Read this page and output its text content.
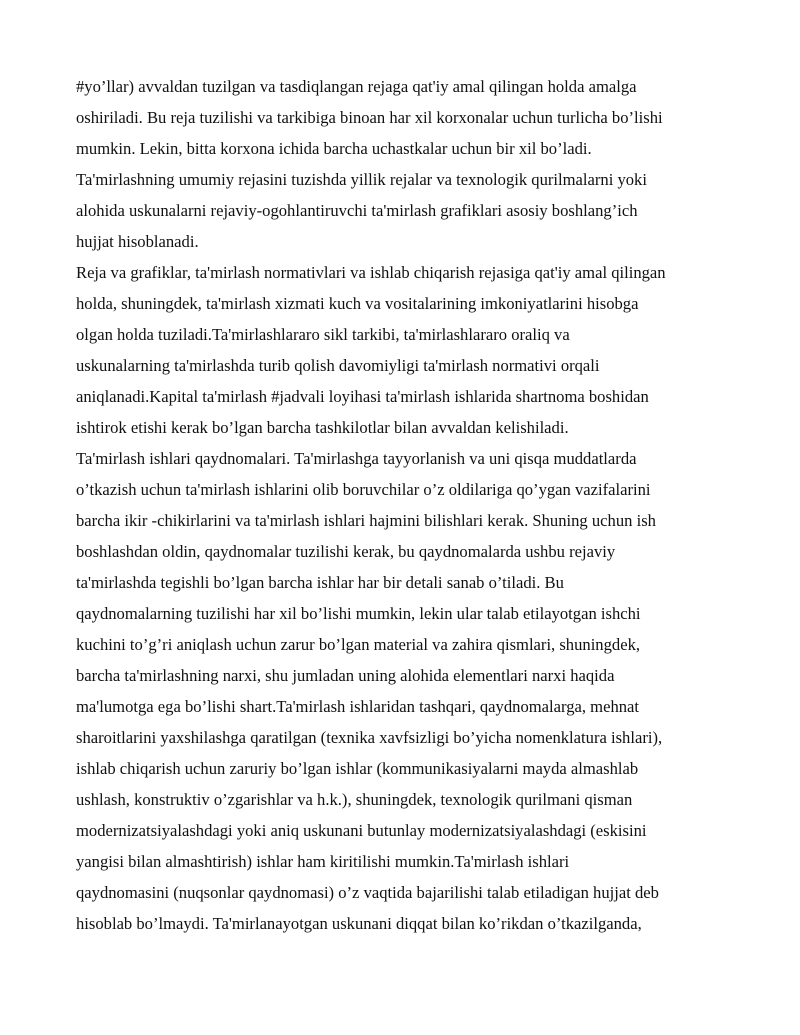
#yo’llar) avvaldan tuzilgan va tasdiqlangan rejaga qat'iy amal qilingan holda amalga
oshiriladi. Bu reja tuzilishi va tarkibiga binoan har xil korxonalar uchun turlicha bo’lishi
mumkin. Lekin, bitta korxona ichida barcha uchastkalar uchun bir xil bo’ladi.
Ta'mirlashning umumiy rejasini tuzishda yillik rejalar va texnologik qurilmalarni yoki
alohida uskunalarni rejaviy-ogohlantiruvchi ta'mirlash grafiklari asosiy boshlang’ich
hujjat hisoblanadi.
Reja va grafiklar, ta'mirlash normativlari va ishlab chiqarish rejasiga qat'iy amal qilingan
holda, shuningdek, ta'mirlash xizmati kuch va vositalarining imkoniyatlarini hisobga
olgan holda tuziladi.Ta'mirlashlararo sikl tarkibi, ta'mirlashlararo oraliq va
uskunalarning ta'mirlashda turib qolish davomiyligi ta'mirlash normativi orqali
aniqlanadi.Kapital ta'mirlash #jadvali loyihasi ta'mirlash ishlarida shartnoma boshidan
ishtirok etishi kerak bo’lgan barcha tashkilotlar bilan avvaldan kelishiladi.
Ta'mirlash ishlari qaydnomalari. Ta'mirlashga tayyorlanish va uni qisqa muddatlarda
o’tkazish uchun ta'mirlash ishlarini olib boruvchilar o’z oldilariga qo’ygan vazifalarini
barcha ikir -chikirlarini va ta'mirlash ishlari hajmini bilishlari kerak. Shuning uchun ish
boshlashdan oldin, qaydnomalar tuzilishi kerak, bu qaydnomalarda ushbu rejaviy
ta'mirlashda tegishli bo’lgan barcha ishlar har bir detali sanab o’tiladi. Bu
qaydnomalarning tuzilishi har xil bo’lishi mumkin, lekin ular talab etilayotgan ishchi
kuchini to’g’ri aniqlash uchun zarur bo’lgan material va zahira qismlari, shuningdek,
barcha ta'mirlashning narxi, shu jumladan uning alohida elementlari narxi haqida
ma'lumotga ega bo’lishi shart.Ta'mirlash ishlaridan tashqari, qaydnomalarga, mehnat
sharoitlarini yaxshilashga qaratilgan (texnika xavfsizligi bo’yicha nomenklatura ishlari),
ishlab chiqarish uchun zaruriy bo’lgan ishlar (kommunikasiyalarni mayda almashlab
ushlash, konstruktiv o’zgarishlar va h.k.), shuningdek, texnologik qurilmani qisman
modernizatsiyalashdagi yoki aniq uskunani butunlay modernizatsiyalashdagi (eskisini
yangisi bilan almashtirish) ishlar ham kiritilishi mumkin.Ta'mirlash ishlari
qaydnomasini (nuqsonlar qaydnomasi) o’z vaqtida bajarilishi talab etiladigan hujjat deb
hisoblab bo’lmaydi. Ta'mirlanayotgan uskunani diqqat bilan ko’rikdan o’tkazilganda,
